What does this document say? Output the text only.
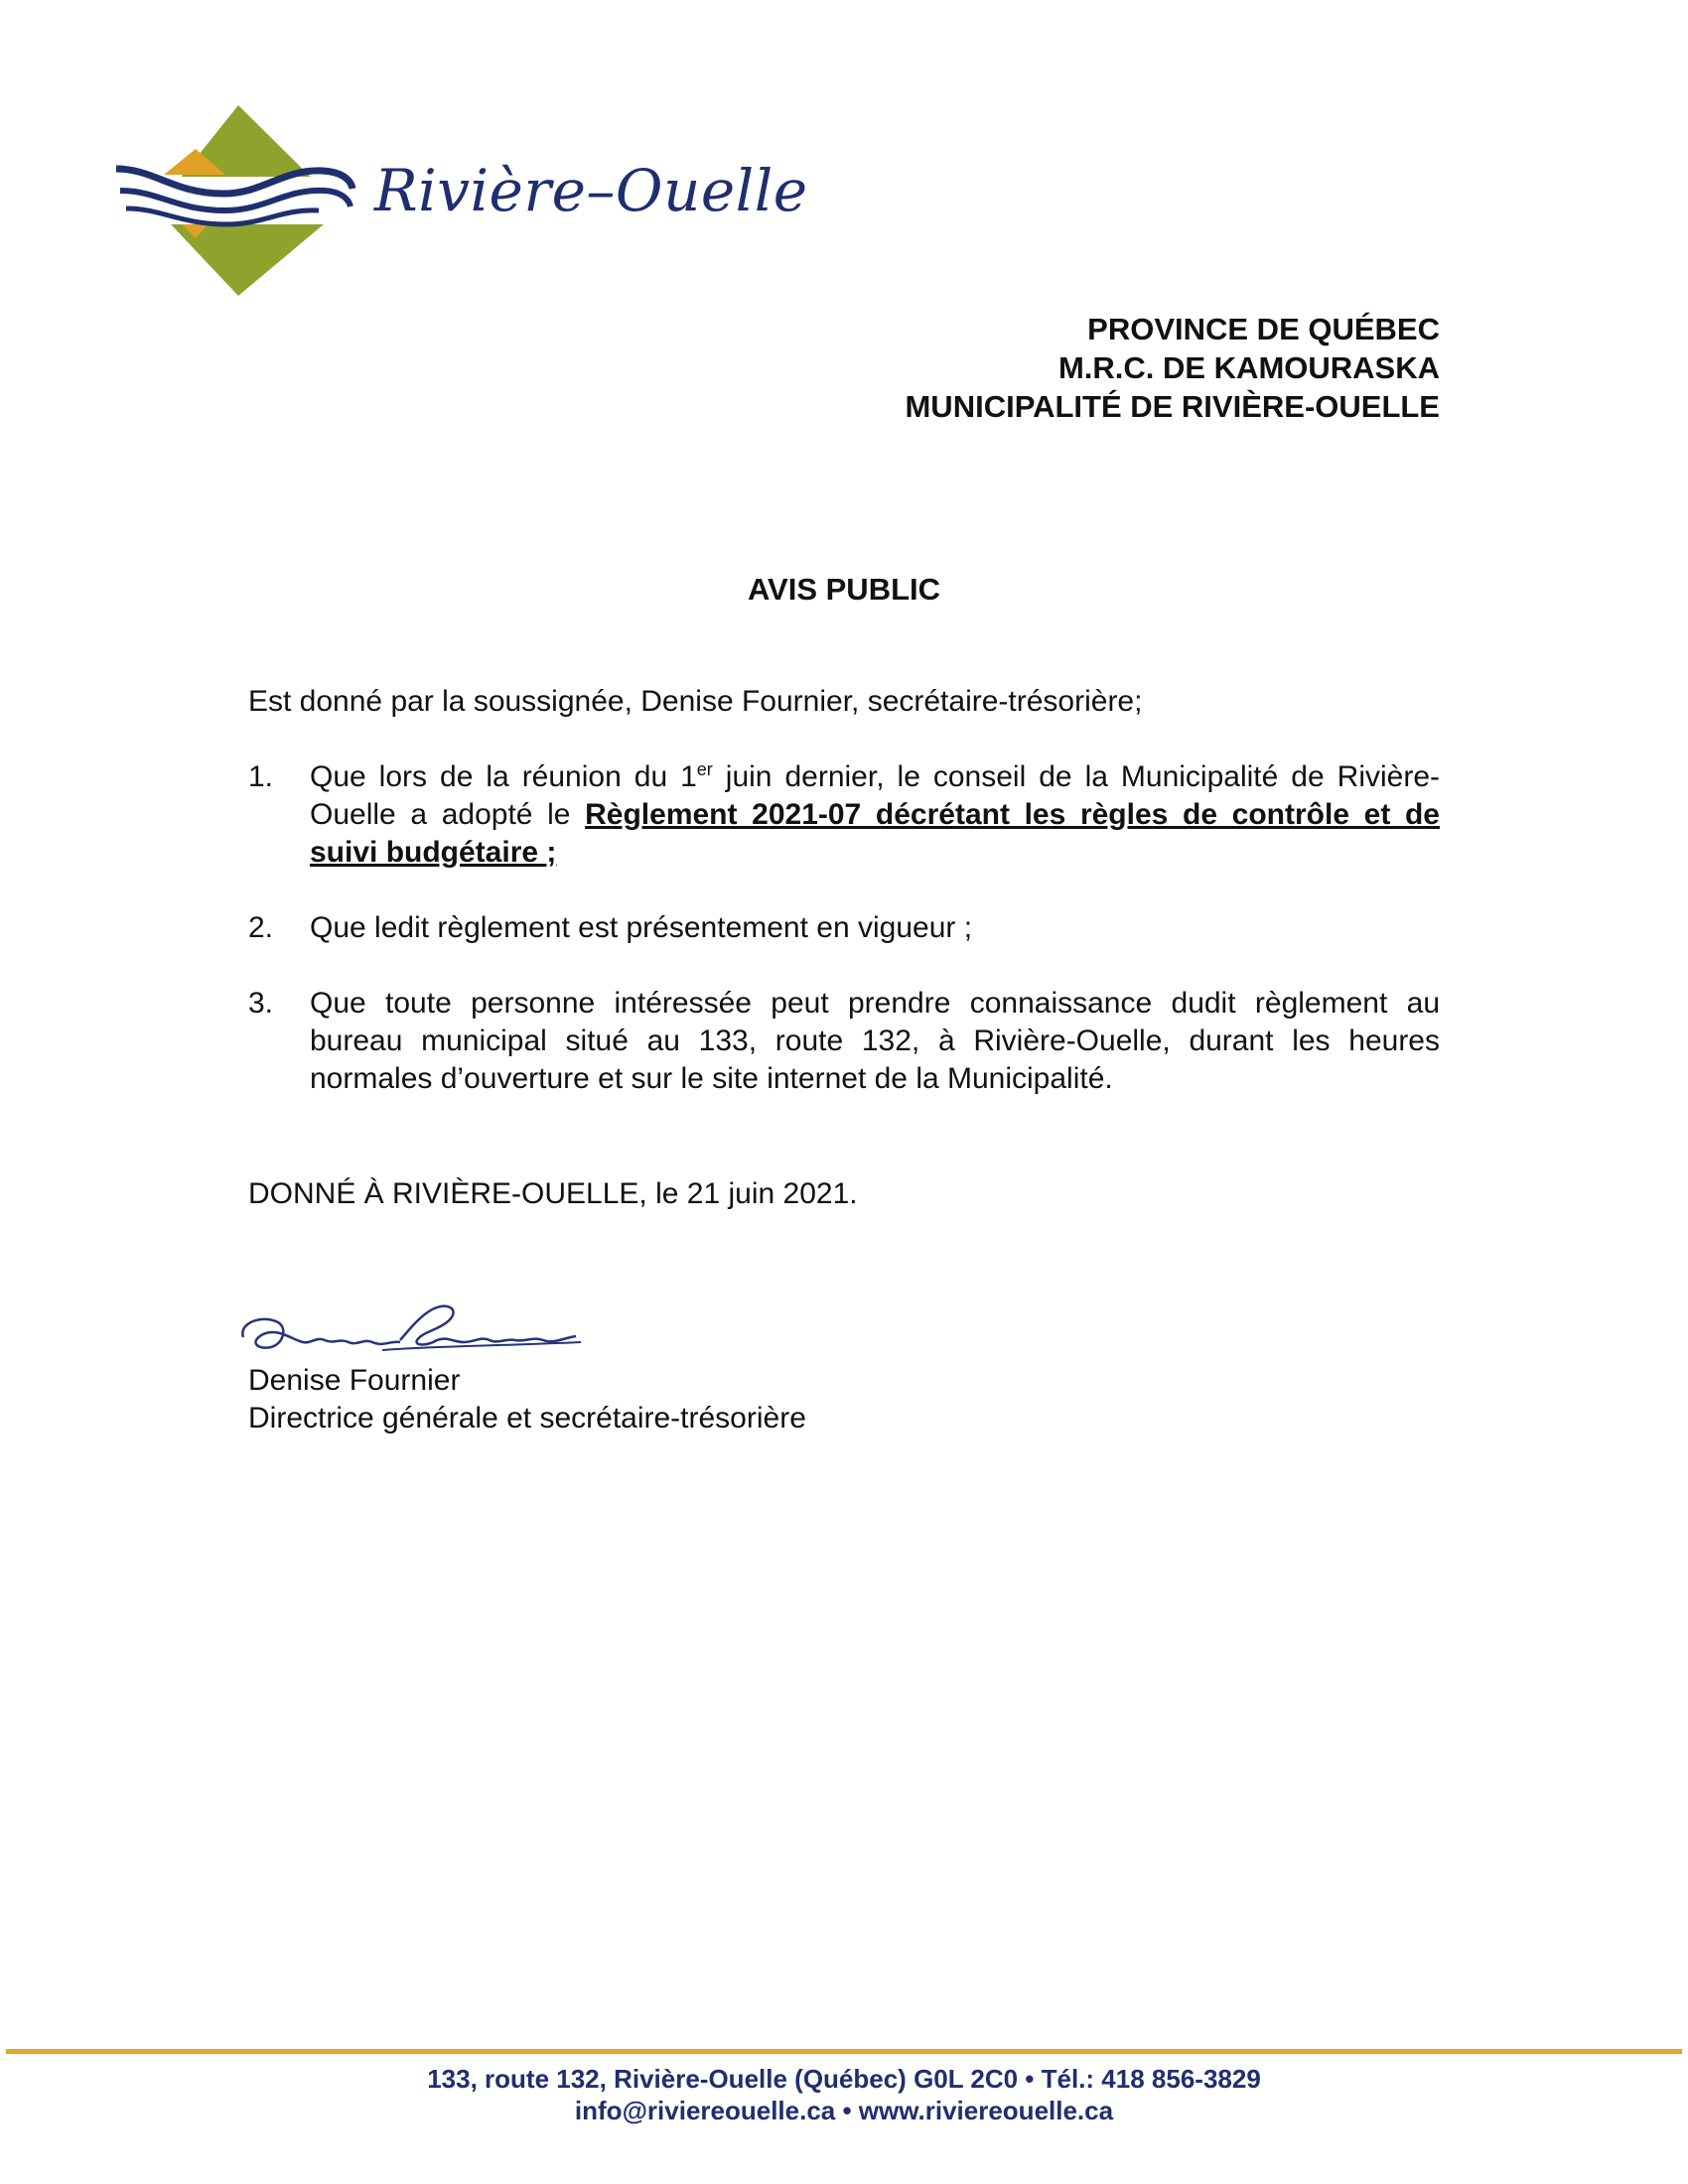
Rivière–Ouelle
PROVINCE DE QUÉBEC
M.R.C. DE KAMOURASKA
MUNICIPALITÉ DE RIVIÈRE-OUELLE
AVIS PUBLIC
Est donné par la soussignée, Denise Fournier, secrétaire-trésorière;
1. Que lors de la réunion du 1er juin dernier, le conseil de la Municipalité de Rivière-Ouelle a adopté le Règlement 2021-07 décrétant les règles de contrôle et de suivi budgétaire ;
2. Que ledit règlement est présentement en vigueur ;
3. Que toute personne intéressée peut prendre connaissance dudit règlement au bureau municipal situé au 133, route 132, à Rivière-Ouelle, durant les heures normales d’ouverture et sur le site internet de la Municipalité.
DONNÉ À RIVIÈRE-OUELLE, le 21 juin 2021.
Denise Fournier
Directrice générale et secrétaire-trésorière
133, route 132, Rivière-Ouelle (Québec) G0L 2C0 • Tél.: 418 856-3829
info@riviereouelle.ca • www.riviereouelle.ca
